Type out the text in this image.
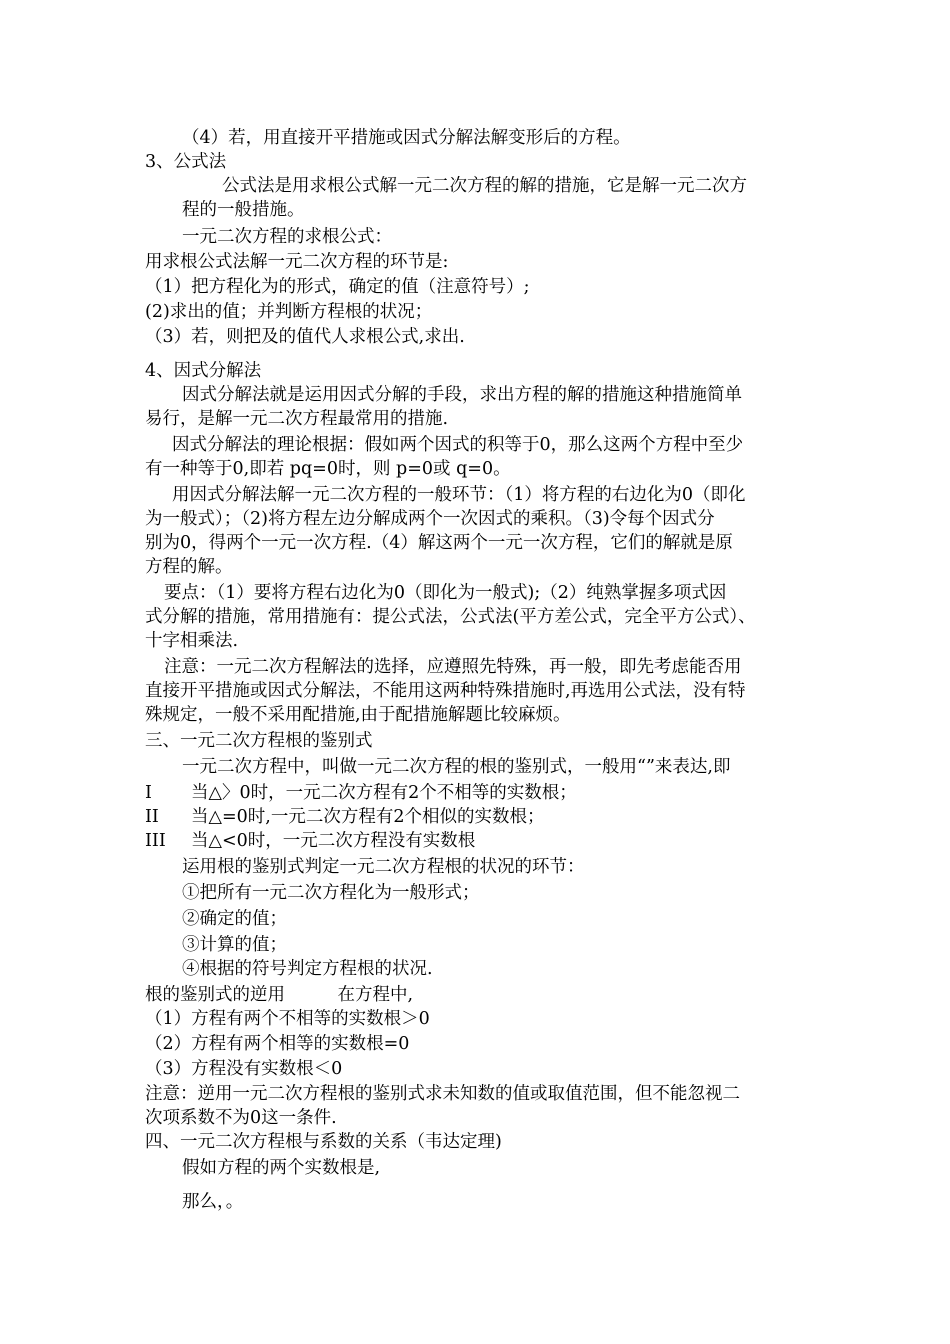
（4）若，用直接开平措施或因式分解法解变形后的方程。
3、公式法
公式法是用求根公式解一元二次方程的解的措施，它是解一元二次方
程的一般措施。
一元二次方程的求根公式：
用求根公式法解一元二次方程的环节是:
（1）把方程化为的形式，确定的值（注意符号）;
(2)求出的值；并判断方程根的状况；
（3）若，则把及的值代人求根公式,求出.
4、因式分解法
因式分解法就是运用因式分解的手段，求出方程的解的措施这种措施简单
易行，是解一元二次方程最常用的措施.
因式分解法的理论根据：假如两个因式的积等于0，那么这两个方程中至少
有一种等于0,即若 pq=0时，则 p=0或 q=0。
用因式分解法解一元二次方程的一般环节：（1）将方程的右边化为0（即化
为一般式）；（2)将方程左边分解成两个一次因式的乘积。（3)令每个因式分
别为0，得两个一元一次方程.（4）解这两个一元一次方程，它们的解就是原
方程的解。
要点：（1）要将方程右边化为0（即化为一般式);（2）纯熟掌握多项式因
式分解的措施，常用措施有：提公式法，公式法(平方差公式，完全平方公式）、
十字相乘法.
注意：一元二次方程解法的选择，应遵照先特殊，再一般，即先考虑能否用
直接开平措施或因式分解法，不能用这两种特殊措施时,再选用公式法，没有特
殊规定，一般不采用配措施,由于配措施解题比较麻烦。
三、一元二次方程根的鉴别式
一元二次方程中，叫做一元二次方程的根的鉴别式，一般用“”来表达,即
I 当△〉0时，一元二次方程有2个不相等的实数根；
II 当△=0时,一元二次方程有2个相似的实数根；
III 当△<0时，一元二次方程没有实数根
运用根的鉴别式判定一元二次方程根的状况的环节：
①把所有一元二次方程化为一般形式；
②确定的值；
③计算的值；
④根据的符号判定方程根的状况.
根的鉴别式的逆用　　　在方程中,
（1）方程有两个不相等的实数根＞0
（2）方程有两个相等的实数根=0
（3）方程没有实数根＜0
注意：逆用一元二次方程根的鉴别式求未知数的值或取值范围，但不能忽视二
次项系数不为0这一条件.
四、一元二次方程根与系数的关系（韦达定理)
假如方程的两个实数根是,
那么，。
